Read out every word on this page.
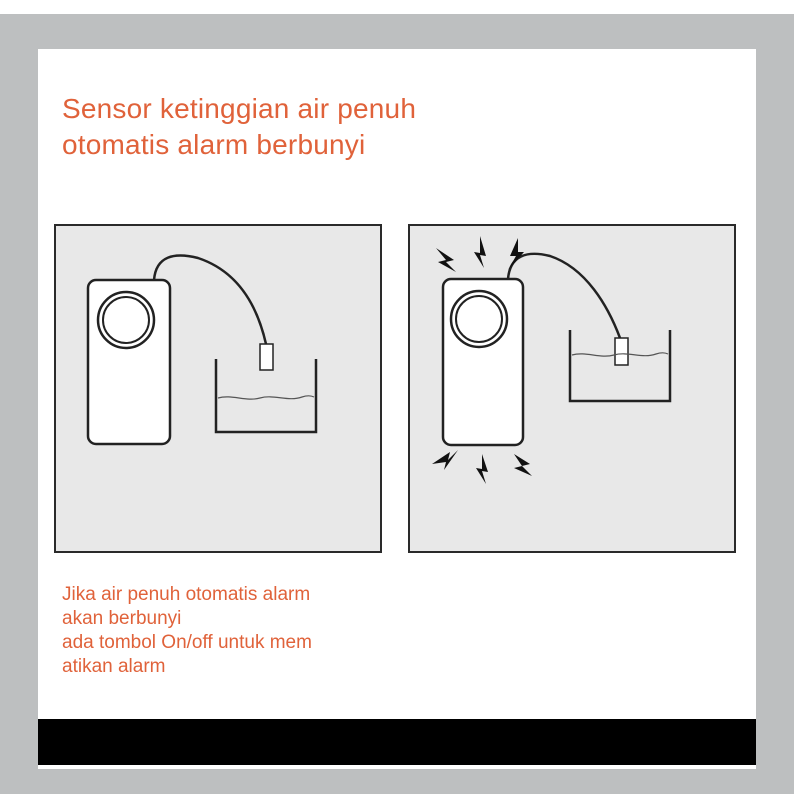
Sensor ketinggian air penuh
otomatis alarm berbunyi

Jika air penuh otomatis alarm
akan berbunyi
ada tombol On/off untuk mem
atikan alarm
